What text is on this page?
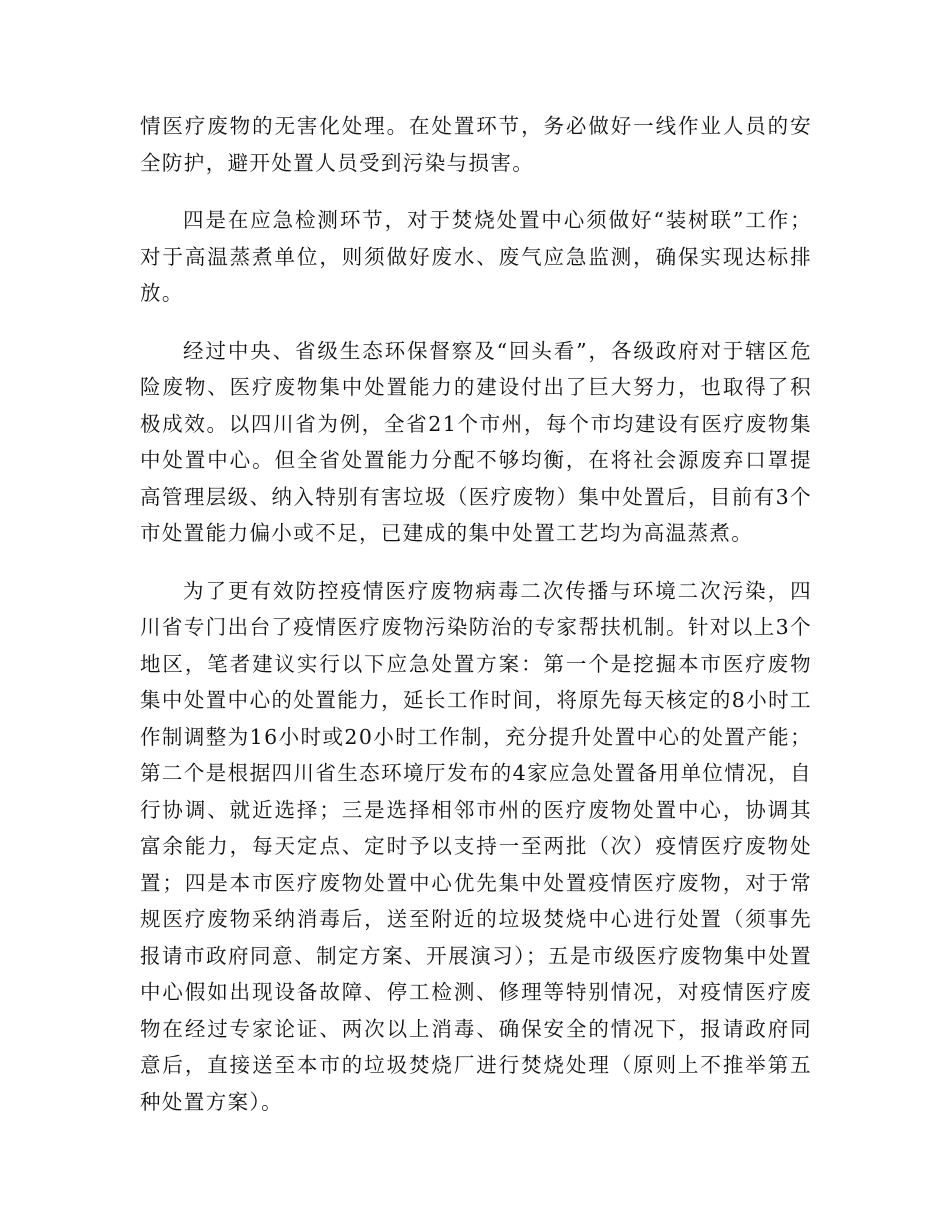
情医疗废物的无害化处理。在处置环节，务必做好一线作业人员的安全防护，避开处置人员受到污染与损害。

四是在应急检测环节，对于焚烧处置中心须做好“装树联”工作；对于高温蒸煮单位，则须做好废水、废气应急监测，确保实现达标排放。

经过中央、省级生态环保督察及“回头看”，各级政府对于辖区危险废物、医疗废物集中处置能力的建设付出了巨大努力，也取得了积极成效。以四川省为例，全省21个市州，每个市均建设有医疗废物集中处置中心。但全省处置能力分配不够均衡，在将社会源废弃口罩提高管理层级、纳入特别有害垃圾（医疗废物）集中处置后，目前有3个市处置能力偏小或不足，已建成的集中处置工艺均为高温蒸煮。

为了更有效防控疫情医疗废物病毒二次传播与环境二次污染，四川省专门出台了疫情医疗废物污染防治的专家帮扶机制。针对以上3个地区，笔者建议实行以下应急处置方案：第一个是挖掘本市医疗废物集中处置中心的处置能力，延长工作时间，将原先每天核定的8小时工作制调整为16小时或20小时工作制，充分提升处置中心的处置产能；第二个是根据四川省生态环境厅发布的4家应急处置备用单位情况，自行协调、就近选择；三是选择相邻市州的医疗废物处置中心，协调其富余能力，每天定点、定时予以支持一至两批（次）疫情医疗废物处置；四是本市医疗废物处置中心优先集中处置疫情医疗废物，对于常规医疗废物采纳消毒后，送至附近的垃圾焚烧中心进行处置（须事先报请市政府同意、制定方案、开展演习）；五是市级医疗废物集中处置中心假如出现设备故障、停工检测、修理等特别情况，对疫情医疗废物在经过专家论证、两次以上消毒、确保安全的情况下，报请政府同意后，直接送至本市的垃圾焚烧厂进行焚烧处理（原则上不推举第五种处置方案）。
